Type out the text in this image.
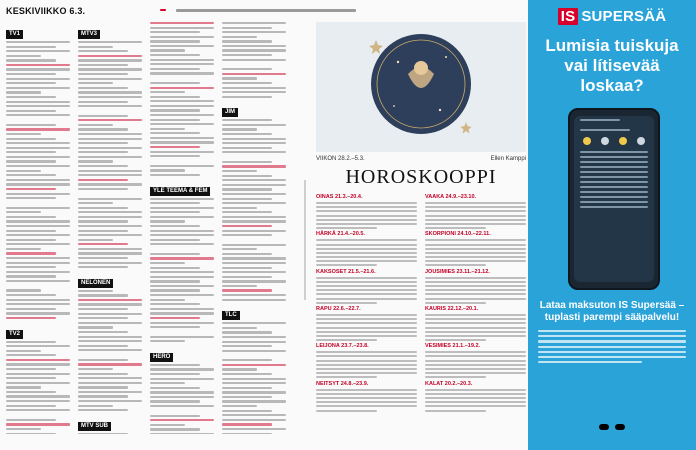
KESKIVIIKKO 6.3.
TV1
TV2
MTV3
NELONEN
MTV SUB
YLE TEEMA & FEM
HERO
JIM
TLC
VIIKON 28.2.–5.3.	Ellen Kamppi
HOROSKOOPPI
OINAS 21.3.–20.4.
HÄRKÄ 21.4.–20.5.
KAKSOSET 21.5.–21.6.
RAPU 22.6.–22.7.
LEIJONA 23.7.–23.8.
NEITSYT 24.8.–23.9.
VAAKA 24.9.–23.10.
SKORPIONI 24.10.–22.11.
JOUSIMIES 23.11.–21.12.
KAURIS 22.12.–20.1.
VESIMIES 21.1.–19.2.
KALAT 20.2.–20.3.
IS SUPERSÄÄ
Lumisia tuiskuja vai lítisevää loskaa?
Lataa maksuton IS Supersää – tuplasti parempi sääpalvelu!
